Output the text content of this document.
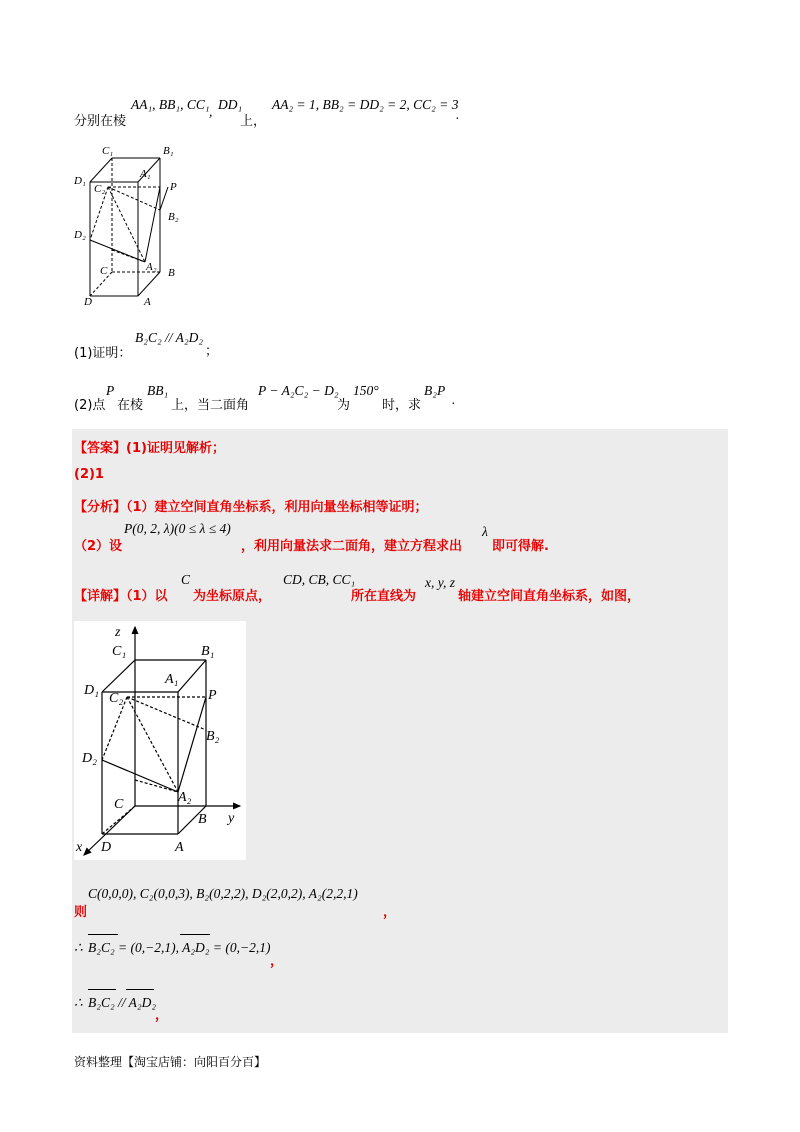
分别在棱
AA₁, BB₁, CC₁ , DD₁
上，
AA₂ = 1, BB₂ = DD₂ = 2, CC₂ = 3
.
C₁	B₁
A₁
D₁
C₂	P
B₂
D₂
C	A₂ B
D	A
(1)证明：
B₂C₂ // A₂D₂
；
(2)点
P
在棱
BB₁
上，当二面角
P − A₂C₂ − D₂
为
150°
时，求
B₂P
.
【答案】(1)证明见解析；
(2)1
【分析】（1）建立空间直角坐标系，利用向量坐标相等证明；
（2）设
P(0, 2, λ)(0 ≤ λ ≤ 4)
，利用向量法求二面角，建立方程求出
λ
即可得解.
【详解】（1）以
C
为坐标原点，
CD, CB, CC₁
所在直线为
x, y, z
轴建立空间直角坐标系，如图，
z
y
x
C₁	B₁
A₁
D₁
C₂	P
B₂
D₂
C	A₂
B
D	A
则
C(0,0,0), C₂(0,0,3), B₂(0,2,2), D₂(2,0,2), A₂(2,2,1)
，
∴ B₂C₂ = (0,−2,1), A₂D₂ = (0,−2,1)
，
∴ B₂C₂ // A₂D₂
，
资料整理【淘宝店铺：向阳百分百】
